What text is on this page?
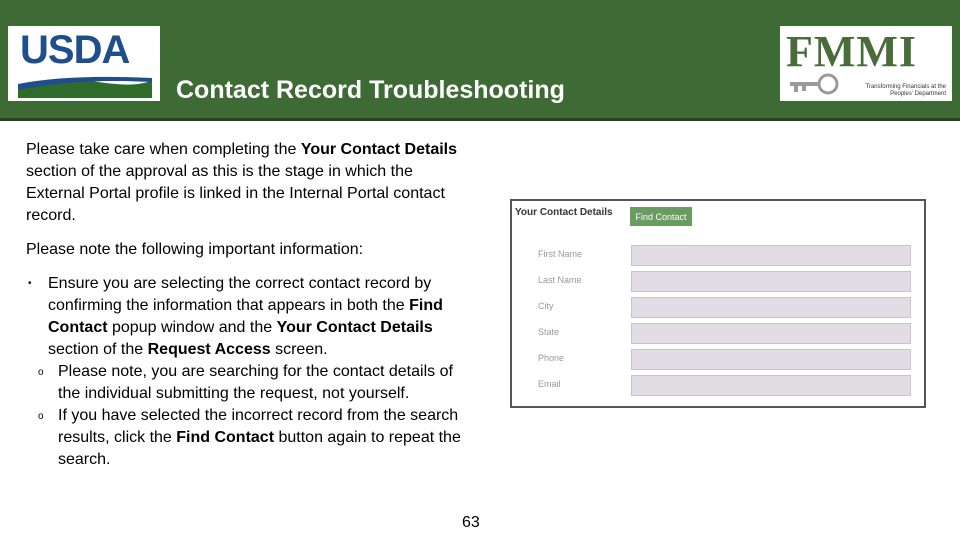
USDA
Contact Record Troubleshooting
FMMI
Transforming Financials at the Peoples' Department

Please take care when completing the Your Contact Details section of the approval as this is the stage in which the External Portal profile is linked in the Internal Portal contact record.

Please note the following important information:

• Ensure you are selecting the correct contact record by confirming the information that appears in both the Find Contact popup window and the Your Contact Details section of the Request Access screen.
o Please note, you are searching for the contact details of the individual submitting the request, not yourself.
o If you have selected the incorrect record from the search results, click the Find Contact button again to repeat the search.
63
Your Contact Details	Find Contact
First Name
Last Name
City
State
Phone
Email
